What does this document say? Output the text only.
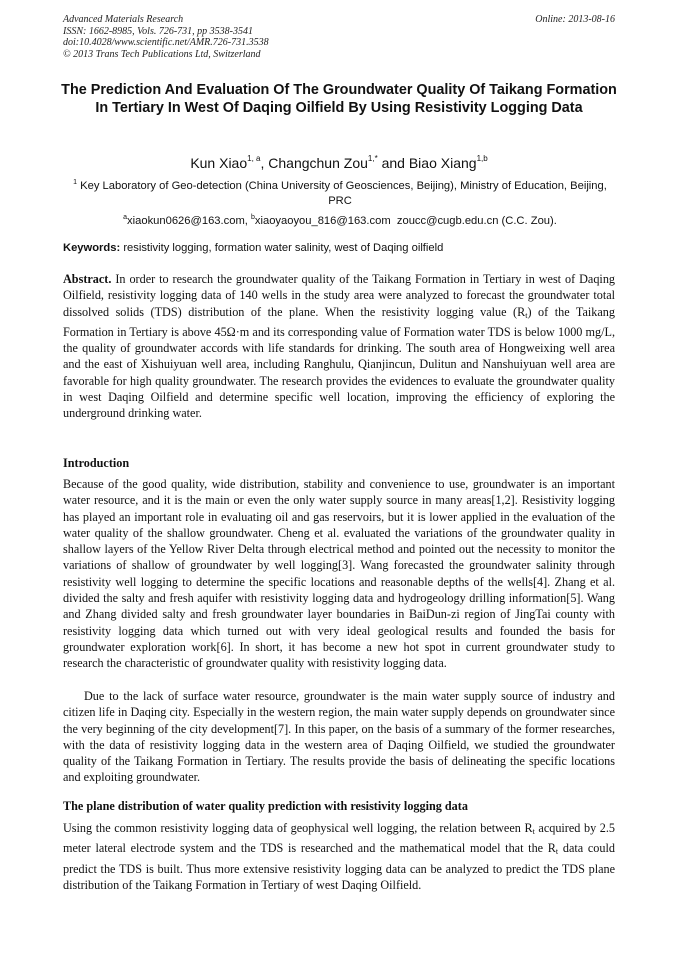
Advanced Materials Research
ISSN: 1662-8985, Vols. 726-731, pp 3538-3541
doi:10.4028/www.scientific.net/AMR.726-731.3538
© 2013 Trans Tech Publications Ltd, Switzerland
Online: 2013-08-16
The Prediction And Evaluation Of The Groundwater Quality Of Taikang Formation In Tertiary In West Of Daqing Oilfield By Using Resistivity Logging Data
Kun Xiao$^{1, a}$, Changchun Zou$^{1,*}$ and Biao Xiang$^{1,b}$
$^1$ Key Laboratory of Geo-detection (China University of Geosciences, Beijing), Ministry of Education, Beijing, PRC
$^a$xiaokun0626@163.com, $^b$xiaoyaoyou_816@163.com zoucc@cugb.edu.cn (C.C. Zou).
Keywords: resistivity logging, formation water salinity, west of Daqing oilfield
Abstract. In order to research the groundwater quality of the Taikang Formation in Tertiary in west of Daqing Oilfield, resistivity logging data of 140 wells in the study area were analyzed to forecast the groundwater total dissolved solids (TDS) distribution of the plane. When the resistivity logging value $(R_t)$ of the Taikang Formation in Tertiary is above 45Ω·m and its corresponding value of Formation water TDS is below 1000 mg/L, the quality of groundwater accords with life standards for drinking. The south area of Hongweixing well area and the east of Xishuiyuan well area, including Ranghulu, Qianjincun, Dulitun and Nanshuiyuan well area are favorable for high quality groundwater. The research provides the evidences to evaluate the groundwater quality in west Daqing Oilfield and determine specific well location, improving the efficiency of exploring the underground drinking water.
Introduction
Because of the good quality, wide distribution, stability and convenience to use, groundwater is an important water resource, and it is the main or even the only water supply source in many areas[1,2]. Resistivity logging has played an important role in evaluating oil and gas reservoirs, but it is lower applied in the evaluation of the water quality of the shallow groundwater. Cheng et al. evaluated the variations of the groundwater quality in shallow layers of the Yellow River Delta through electrical method and pointed out the necessity to monitor the variations of shallow of groundwater by well logging[3]. Wang forecasted the groundwater salinity through resistivity well logging to determine the specific locations and reasonable depths of the wells[4]. Zhang et al. divided the salty and fresh aquifer with resistivity logging data and hydrogeology drilling information[5]. Wang and Zhang divided salty and fresh groundwater layer boundaries in BaiDun-zi region of JingTai county with resistivity logging data which turned out with very ideal geological results and founded the basis for groundwater exploration work[6]. In short, it has become a new hot spot in current groundwater study to research the characteristic of groundwater quality with resistivity logging data.
Due to the lack of surface water resource, groundwater is the main water supply source of industry and citizen life in Daqing city. Especially in the western region, the main water supply depends on groundwater since the very beginning of the city development[7]. In this paper, on the basis of a summary of the former researches, with the data of resistivity logging data in the western area of Daqing Oilfield, we studied the groundwater quality of the Taikang Formation in Tertiary. The results provide the basis of delineating the specific locations and exploiting groundwater.
The plane distribution of water quality prediction with resistivity logging data
Using the common resistivity logging data of geophysical well logging, the relation between $R_t$ acquired by 2.5 meter lateral electrode system and the TDS is researched and the mathematical model that the $R_t$ data could predict the TDS is built. Thus more extensive resistivity logging data can be analyzed to predict the TDS plane distribution of the Taikang Formation in Tertiary of west Daqing Oilfield.
